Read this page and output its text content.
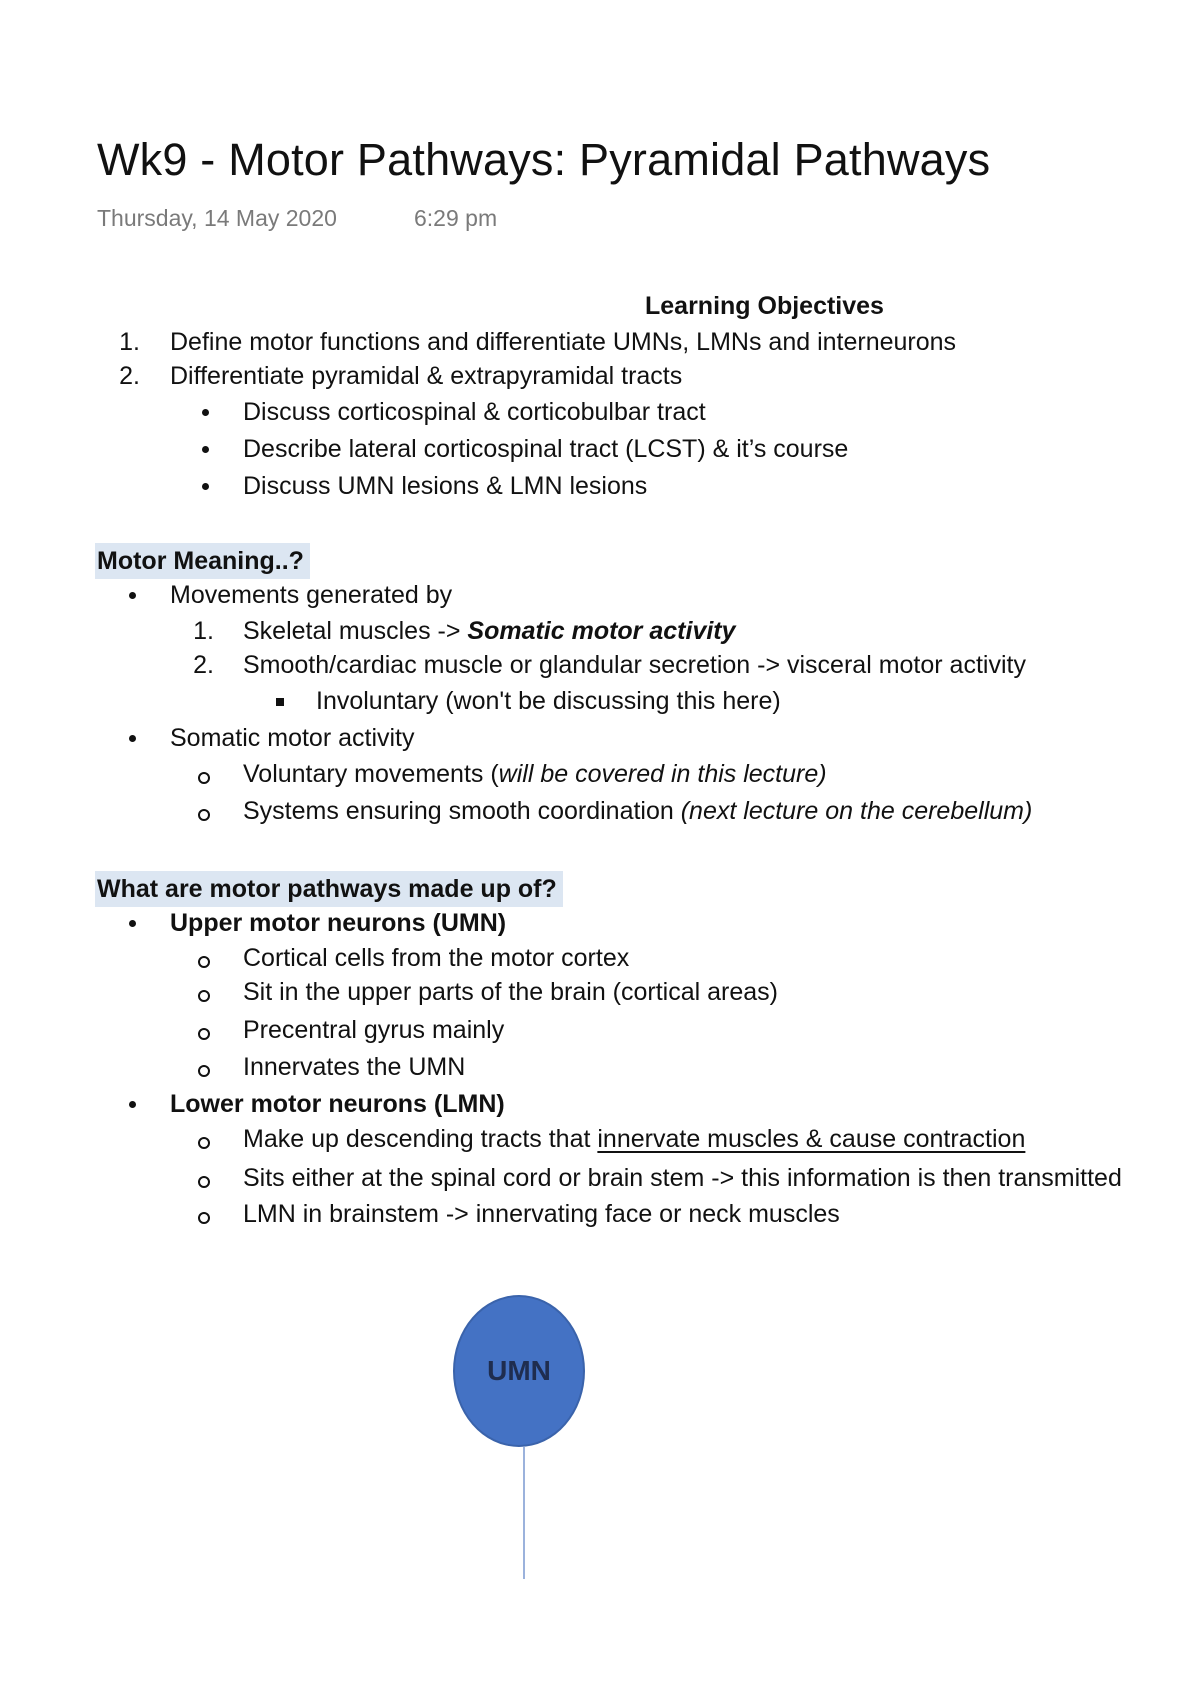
Wk9 - Motor Pathways: Pyramidal Pathways
Thursday, 14 May 2020	6:29 pm
Learning Objectives
1. Define motor functions and differentiate UMNs, LMNs and interneurons
2. Differentiate pyramidal & extrapyramidal tracts
Discuss corticospinal & corticobulbar tract
Describe lateral corticospinal tract (LCST) & it’s course
Discuss UMN lesions & LMN lesions
Motor Meaning..?
Movements generated by
1. Skeletal muscles -> Somatic motor activity
2. Smooth/cardiac muscle or glandular secretion -> visceral motor activity
Involuntary (won't be discussing this here)
Somatic motor activity
Voluntary movements (will be covered in this lecture)
Systems ensuring smooth coordination (next lecture on the cerebellum)
What are motor pathways made up of?
Upper motor neurons (UMN)
Cortical cells from the motor cortex
Sit in the upper parts of the brain (cortical areas)
Precentral gyrus mainly
Innervates the UMN
Lower motor neurons (LMN)
Make up descending tracts that innervate muscles & cause contraction
Sits either at the spinal cord or brain stem -> this information is then transmitted
LMN in brainstem -> innervating face or neck muscles
UMN
